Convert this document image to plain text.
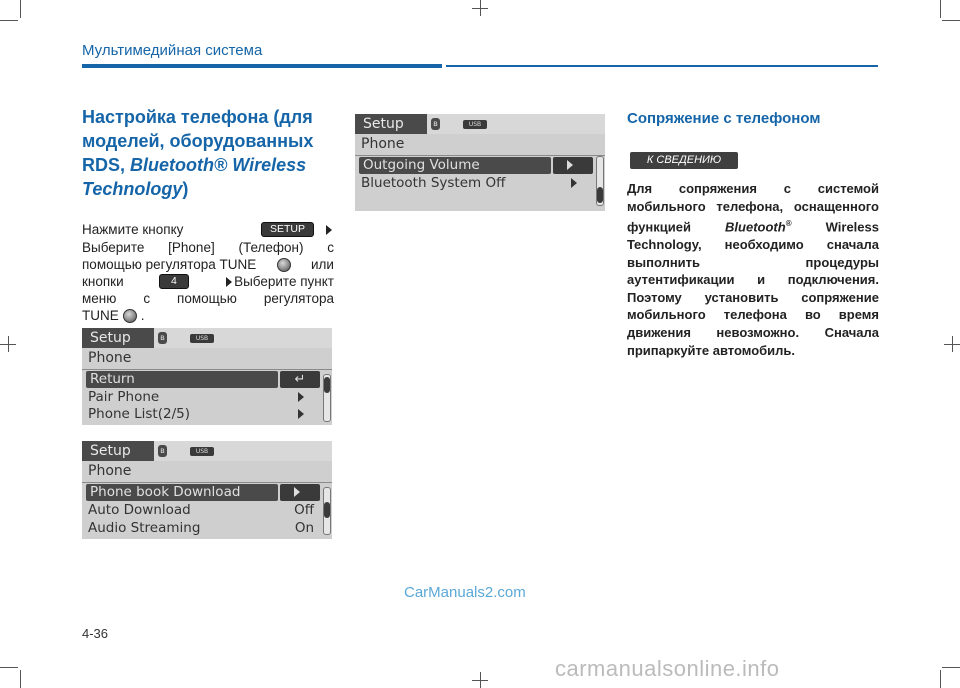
Мультимедийная система
Настройка телефона (для
моделей, оборудованных
RDS, Bluetooth® Wireless
Technology)
Нажмите кнопку	SETUP
Выберите [Phone] (Телефон) с
помощью регулятора TUNE	или
кнопки	4	Выберите пункт
меню с помощью регулятора
TUNE .
Setup	ʙ	USB
Phone
Return	↵
Pair Phone
Phone List(2/5)
Setup	ʙ	USB
Phone
Phone book Download
Auto Download	Off
Audio Streaming	On
Setup	ʙ	USB
Phone
Outgoing Volume
Bluetooth System Off
Сопряжение с телефоном
К СВЕДЕНИЮ
Для сопряжения с системой мобильного телефона, оснащенного функцией	Bluetooth®	Wireless Technology, необходимо сначала выполнить процедуры аутентификации и подключения. Поэтому установить сопряжение мобильного телефона во время движения невозможно. Сначала припаркуйте автомобиль.
CarManuals2.com
4-36
carmanualsonline.info
